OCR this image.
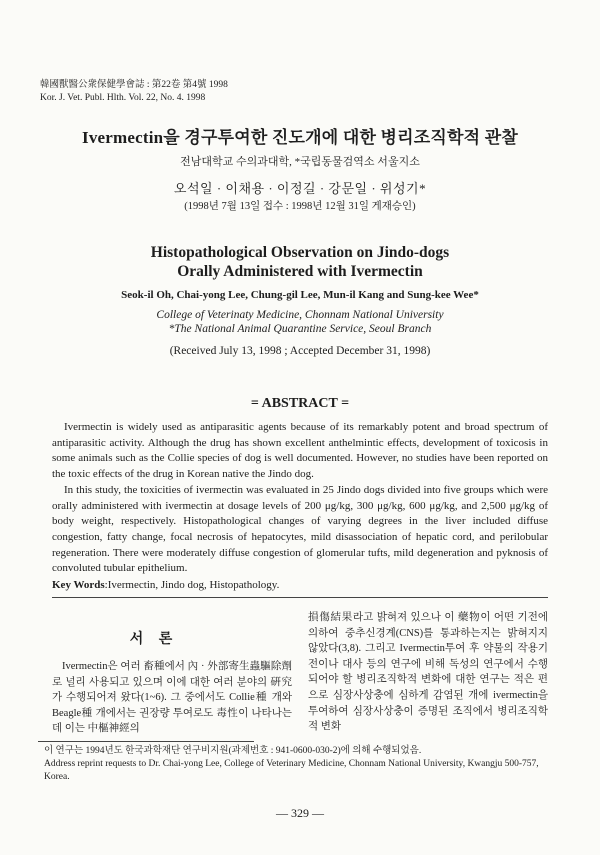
韓國獸醫公衆保健學會誌 : 第22卷 第4號 1998
Kor. J. Vet. Publ. Hlth. Vol. 22, No. 4. 1998
Ivermectin을 경구투여한 진도개에 대한 병리조직학적 관찰
전남대학교 수의과대학, *국립동물검역소 서울지소
오석일 · 이채용 · 이정길 · 강문일 · 위성기*
(1998년 7월 13일 접수 : 1998년 12월 31일 게재승인)
Histopathological Observation on Jindo-dogs
Orally Administered with Ivermectin
Seok-il Oh, Chai-yong Lee, Chung-gil Lee, Mun-il Kang and Sung-kee Wee*
College of Veterinaty Medicine, Chonnam National University
*The National Animal Quarantine Service, Seoul Branch
(Received July 13, 1998 ; Accepted December 31, 1998)
= ABSTRACT =

Ivermectin is widely used as antiparasitic agents because of its remarkably potent and broad spectrum of antiparasitic activity. Although the drug has shown excellent anthelmintic effects, development of toxicosis in some animals such as the Collie species of dog is well documented. However, no studies have been reported on the toxic effects of the drug in Korean native the Jindo dog.

In this study, the toxicities of ivermectin was evaluated in 25 Jindo dogs divided into five groups which were orally administered with ivermectin at dosage levels of 200 μg/kg, 300 μg/kg, 600 μg/kg, and 2,500 μg/kg of body weight, respectively. Histopathological changes of varying degrees in the liver included diffuse congestion, fatty change, focal necrosis of hepatocytes, mild disassociation of hepatic cord, and perilobular regeneration. There were moderately diffuse congestion of glomerular tufts, mild degeneration and pyknosis of convoluted tubular epithelium.

Key Words:Ivermectin, Jindo dog, Histopathology.
서 론

Ivermectin은 여러 畜種에서 內 · 外部寄生蟲驅除劑로 널리 사용되고 있으며 이에 대한 여러 분야의 硏究가 수행되어져 왔다(1~6). 그 중에서도 Collie種 개와 Beagle種 개에서는 권장량 투여로도 毒性이 나타나는데 이는 中樞神經의

損傷結果라고 밝혀져 있으나 이 藥物이 어떤 기전에 의하여 중추신경계(CNS)를 통과하는지는 밝혀지지 않았다(3,8). 그리고 Ivermectin투여 후 약물의 작용기전이나 대사 등의 연구에 비해 독성의 연구에서 수행되어야 할 병리조직학적 변화에 대한 연구는 적은 편으로 심장사상충에 심하게 감염된 개에 ivermectin을 투여하여 심장사상충이 증명된 조직에서 병리조직학적 변화

이 연구는 1994년도 한국과학재단 연구비지원(과제번호 : 941-0600-030-2)에 의해 수행되었음.

Address reprint requests to Dr. Chai-yong Lee, College of Veterinary Medicine, Chonnam National University, Kwangju 500-757, Korea.

— 329 —
